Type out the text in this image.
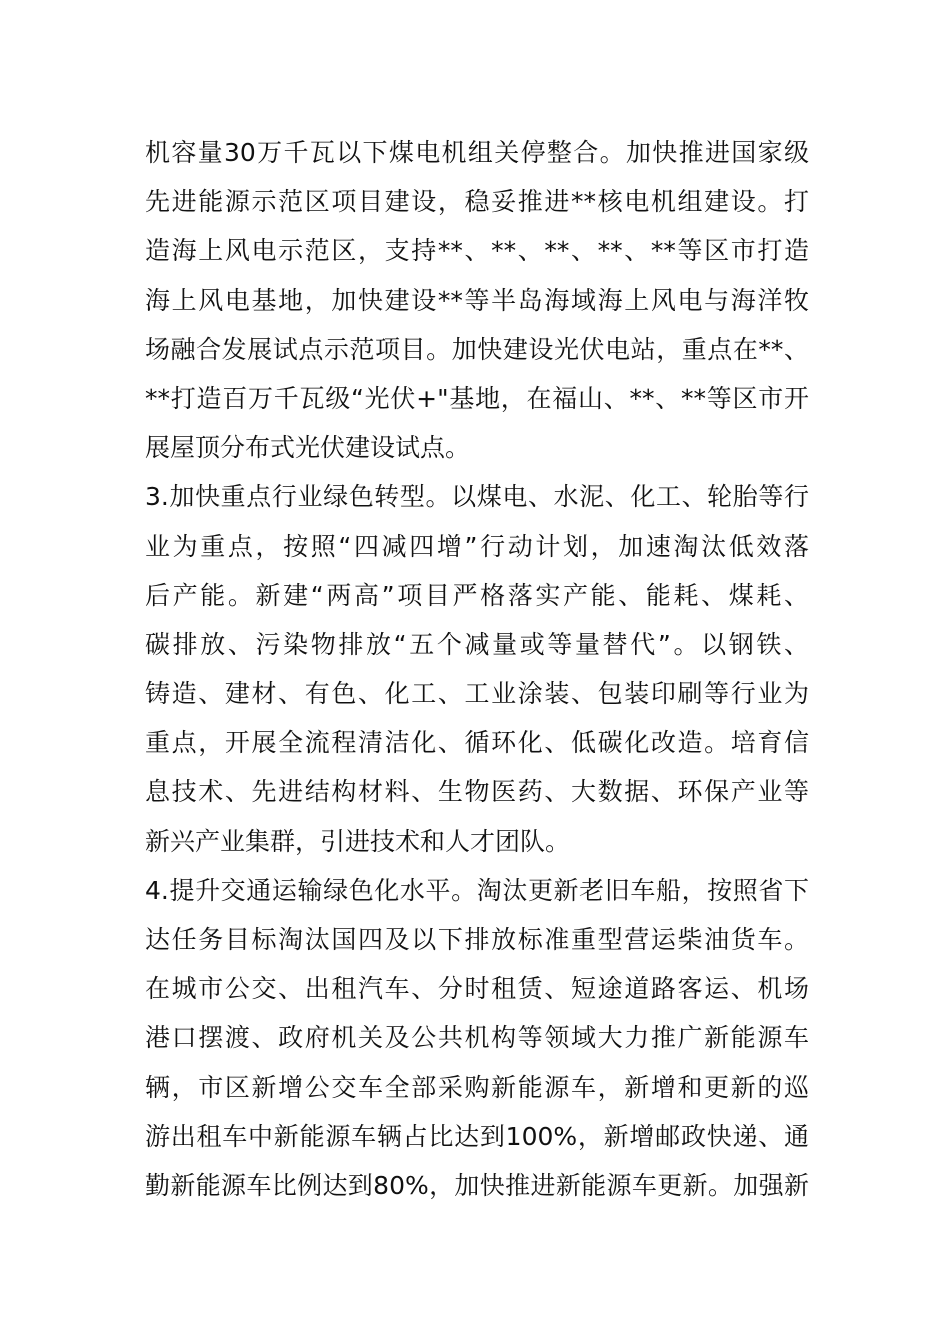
机容量30万千瓦以下煤电机组关停整合。加快推进国家级
先进能源示范区项目建设，稳妥推进**核电机组建设。打
造海上风电示范区，支持**、**、**、**、**等区市打造
海上风电基地，加快建设**等半岛海域海上风电与海洋牧
场融合发展试点示范项目。加快建设光伏电站，重点在**、
**打造百万千瓦级“光伏+"基地，在福山、**、**等区市开
展屋顶分布式光伏建设试点。
3.加快重点行业绿色转型。以煤电、水泥、化工、轮胎等行
业为重点，按照“四减四增”行动计划，加速淘汰低效落
后产能。新建“两高”项目严格落实产能、能耗、煤耗、
碳排放、污染物排放“五个减量或等量替代”。以钢铁、
铸造、建材、有色、化工、工业涂装、包装印刷等行业为
重点，开展全流程清洁化、循环化、低碳化改造。培育信
息技术、先进结构材料、生物医药、大数据、环保产业等
新兴产业集群，引进技术和人才团队。
4.提升交通运输绿色化水平。淘汰更新老旧车船，按照省下
达任务目标淘汰国四及以下排放标准重型营运柴油货车。
在城市公交、出租汽车、分时租赁、短途道路客运、机场
港口摆渡、政府机关及公共机构等领域大力推广新能源车
辆，市区新增公交车全部采购新能源车，新增和更新的巡
游出租车中新能源车辆占比达到100%，新增邮政快递、通
勤新能源车比例达到80%，加快推进新能源车更新。加强新
